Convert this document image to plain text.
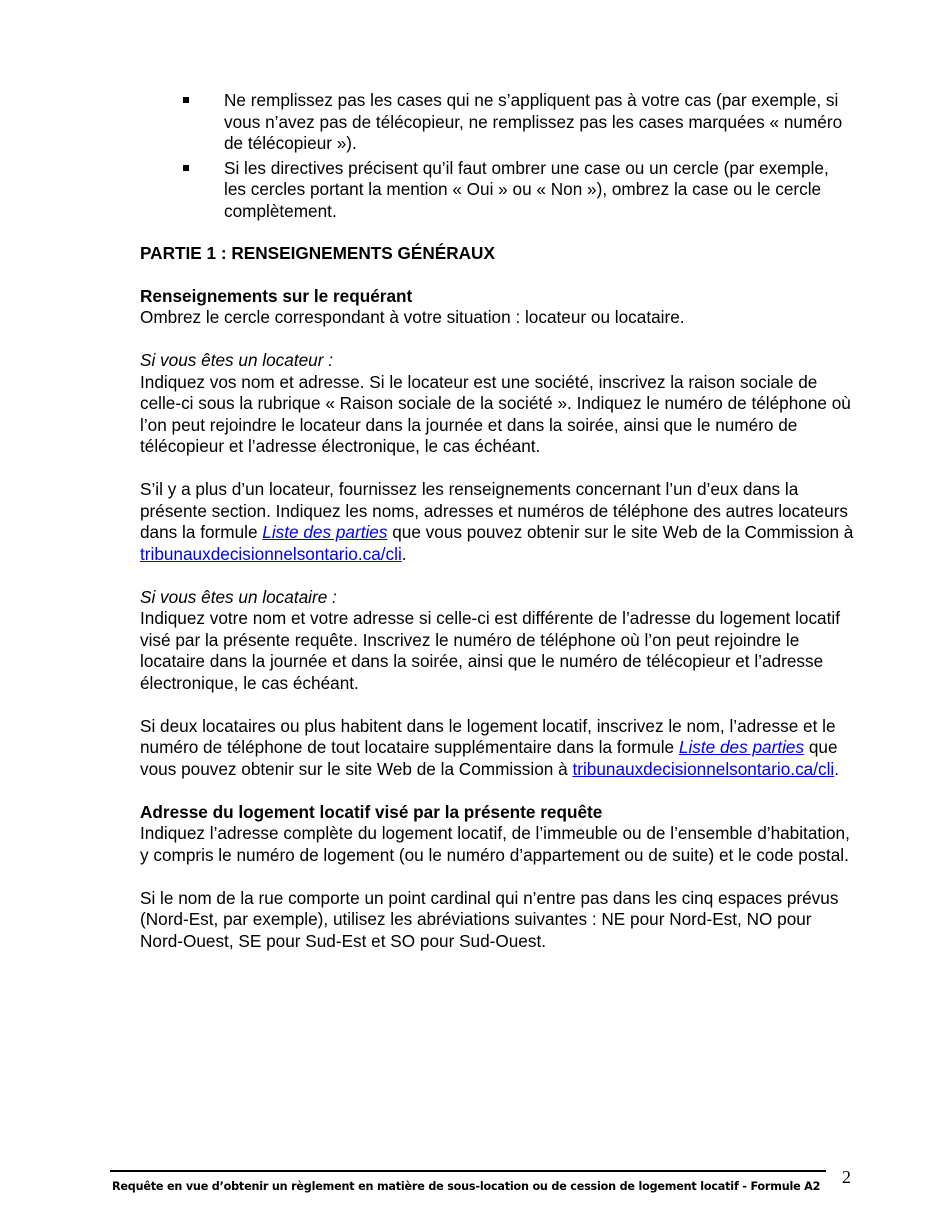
Ne remplissez pas les cases qui ne s’appliquent pas à votre cas (par exemple, si vous n’avez pas de télécopieur, ne remplissez pas les cases marquées « numéro de télécopieur »).
Si les directives précisent qu’il faut ombrer une case ou un cercle (par exemple, les cercles portant la mention « Oui » ou « Non »), ombrez la case ou le cercle complètement.

PARTIE 1 : RENSEIGNEMENTS GÉNÉRAUX

Renseignements sur le requérant

Ombrez le cercle correspondant à votre situation : locateur ou locataire.

Si vous êtes un locateur :

Indiquez vos nom et adresse. Si le locateur est une société, inscrivez la raison sociale de celle-ci sous la rubrique « Raison sociale de la société ». Indiquez le numéro de téléphone où l’on peut rejoindre le locateur dans la journée et dans la soirée, ainsi que le numéro de télécopieur et l’adresse électronique, le cas échéant.

S’il y a plus d’un locateur, fournissez les renseignements concernant l’un d’eux dans la présente section. Indiquez les noms, adresses et numéros de téléphone des autres locateurs dans la formule Liste des parties que vous pouvez obtenir sur le site Web de la Commission à tribunauxdecisionnelsontario.ca/cli.

Si vous êtes un locataire :

Indiquez votre nom et votre adresse si celle-ci est différente de l’adresse du logement locatif visé par la présente requête. Inscrivez le numéro de téléphone où l’on peut rejoindre le locataire dans la journée et dans la soirée, ainsi que le numéro de télécopieur et l’adresse électronique, le cas échéant.

Si deux locataires ou plus habitent dans le logement locatif, inscrivez le nom, l’adresse et le numéro de téléphone de tout locataire supplémentaire dans la formule Liste des parties que vous pouvez obtenir sur le site Web de la Commission à tribunauxdecisionnelsontario.ca/cli.

Adresse du logement locatif visé par la présente requête

Indiquez l’adresse complète du logement locatif, de l’immeuble ou de l’ensemble d’habitation, y compris le numéro de logement (ou le numéro d’appartement ou de suite) et le code postal.

Si le nom de la rue comporte un point cardinal qui n’entre pas dans les cinq espaces prévus (Nord-Est, par exemple), utilisez les abréviations suivantes : NE pour Nord-Est, NO pour Nord-Ouest, SE pour Sud-Est et SO pour Sud-Ouest.

Requête en vue d’obtenir un règlement en matière de sous-location ou de cession de logement locatif - Formule A2 2
